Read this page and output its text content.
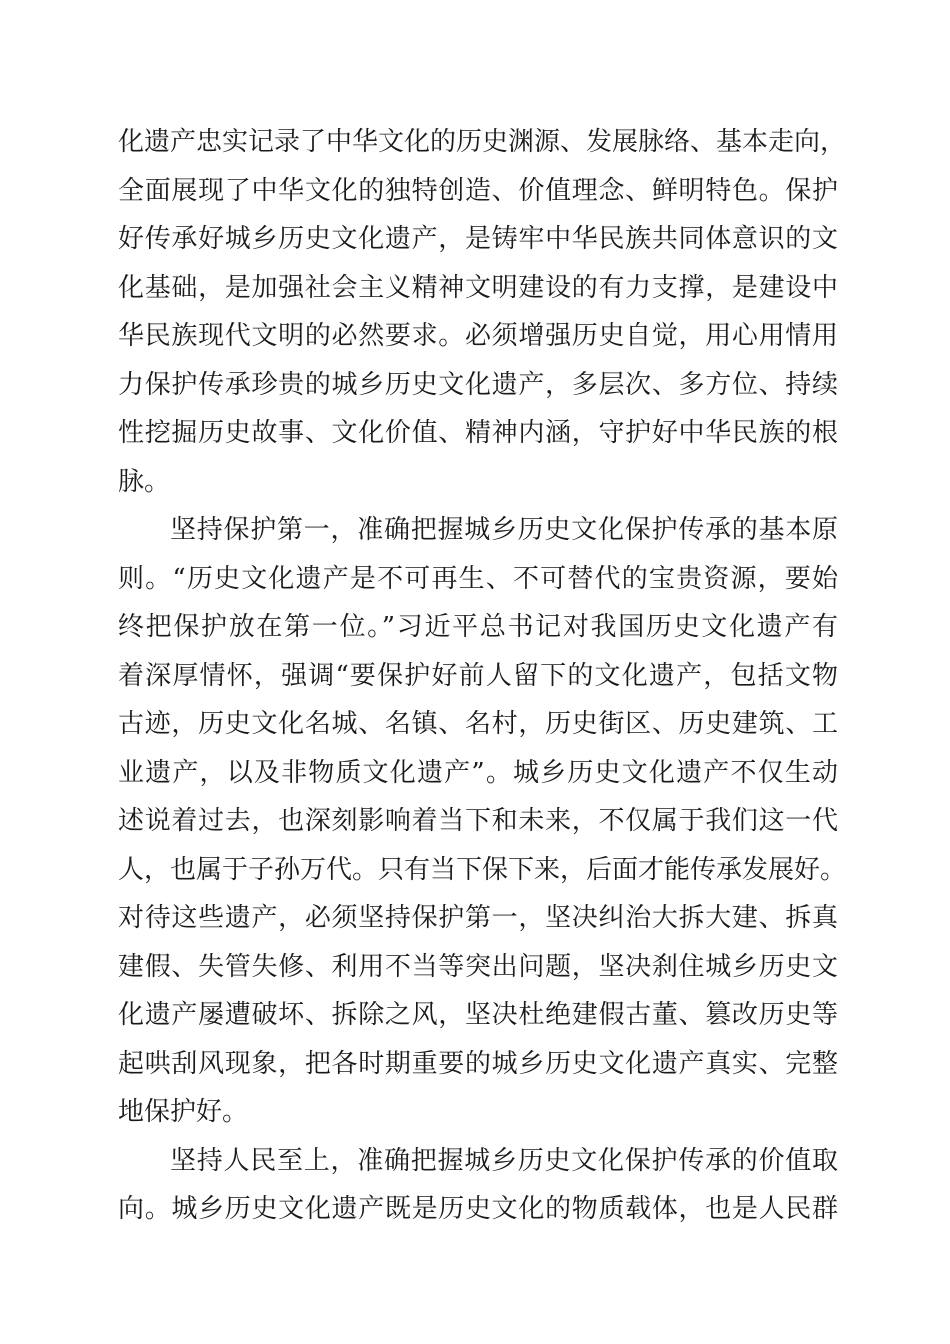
化遗产忠实记录了中华文化的历史渊源、发展脉络、基本走向，
全面展现了中华文化的独特创造、价值理念、鲜明特色。保护
好传承好城乡历史文化遗产，是铸牢中华民族共同体意识的文
化基础，是加强社会主义精神文明建设的有力支撑，是建设中
华民族现代文明的必然要求。必须增强历史自觉，用心用情用
力保护传承珍贵的城乡历史文化遗产，多层次、多方位、持续
性挖掘历史故事、文化价值、精神内涵，守护好中华民族的根
脉。
坚持保护第一，准确把握城乡历史文化保护传承的基本原
则。“历史文化遗产是不可再生、不可替代的宝贵资源，要始
终把保护放在第一位。”习近平总书记对我国历史文化遗产有
着深厚情怀，强调“要保护好前人留下的文化遗产，包括文物
古迹，历史文化名城、名镇、名村，历史街区、历史建筑、工
业遗产，以及非物质文化遗产”。城乡历史文化遗产不仅生动
述说着过去，也深刻影响着当下和未来，不仅属于我们这一代
人，也属于子孙万代。只有当下保下来，后面才能传承发展好。
对待这些遗产，必须坚持保护第一，坚决纠治大拆大建、拆真
建假、失管失修、利用不当等突出问题，坚决刹住城乡历史文
化遗产屡遭破坏、拆除之风，坚决杜绝建假古董、篡改历史等
起哄刮风现象，把各时期重要的城乡历史文化遗产真实、完整
地保护好。
坚持人民至上，准确把握城乡历史文化保护传承的价值取
向。城乡历史文化遗产既是历史文化的物质载体，也是人民群
